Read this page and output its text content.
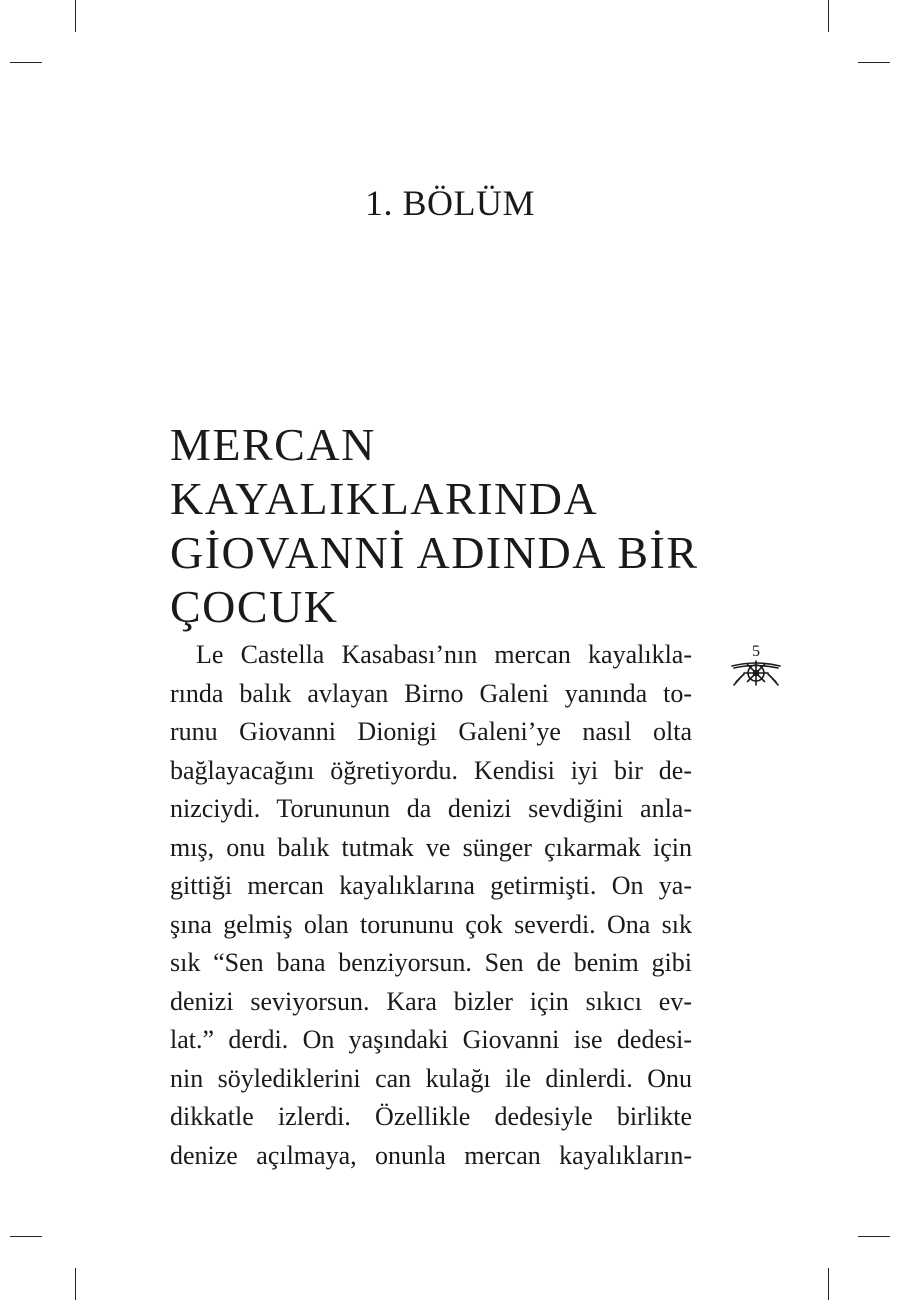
1. BÖLÜM
MERCAN
KAYALIKLARINDA
GİOVANNİ ADINDA BİR
ÇOCUK
Le Castella Kasabası’nın mercan kayalıkla-
rında balık avlayan Birno Galeni yanında to-
runu Giovanni Dionigi Galeni’ye nasıl olta
bağlayacağını öğretiyordu. Kendisi iyi bir de-
nizciydi. Torununun da denizi sevdiğini anla-
mış, onu balık tutmak ve sünger çıkarmak için
gittiği mercan kayalıklarına getirmişti. On ya-
şına gelmiş olan torununu çok severdi. Ona sık
sık “Sen bana benziyorsun. Sen de benim gibi
denizi seviyorsun. Kara bizler için sıkıcı ev-
lat.” derdi. On yaşındaki Giovanni ise dedesi-
nin söylediklerini can kulağı ile dinlerdi. Onu
dikkatle izlerdi. Özellikle dedesiyle birlikte
denize açılmaya, onunla mercan kayalıkların-
5
